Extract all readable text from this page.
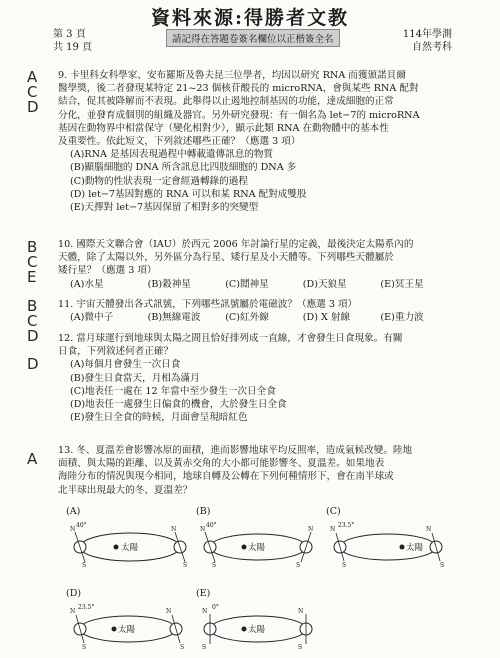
資料來源:得勝者文教
第 3 頁
共 19 頁
請記得在答題卷簽名欄位以正楷簽全名	114年學測
自然考科
A
C
D
B
C
E
B
C
D
D
A

9. 卡里科女科學家、安布羅斯及魯夫昆三位學者，均因以研究 RNA 而獲頒諾貝爾

醫學獎，後二者發現某特定 21~23 個核苷酸長的 microRNA，會與某些 RNA 配對

結合，促其被降解而不表現。此舉得以止遏地控制基因的功能，達成細胞的正常

分化，並發育成個別的組織及器官。另外研究發現：有一個名為 let−7的 microRNA

基因在動物界中相當保守（變化相對少），顯示此類 RNA 在動物體中的基本性

及重要性。依此短文，下列敘述哪些正確？（應選 3 項）

(A)RNA 是基因表現過程中轉載遺傳訊息的物質

(B)顯腦細胞的 DNA 所含訊息比四肢細胞的 DNA 多

(C)動物的性狀表現一定會經過轉錄的過程

(D) let−7基因對應的 RNA 可以和某 RNA 配對成雙股

(E)天擇對 let−7基因保留了相對多的突變型

10. 國際天文聯合會（IAU）於西元 2006 年討論行星的定義，最後決定太陽系內的

天體，除了太陽以外，另外區分為行星、矮行星及小天體等。下列哪些天體屬於

矮行星？（應選 3 項）

(A)水星	(B)穀神星	(C)鬩神星	(D)天狼星	(E)冥王星

11. 宇宙天體發出各式訊號，下列哪些訊號屬於電磁波？（應選 3 項）

(A)微中子	(B)無線電波	(C)紅外線	(D) X 射線	(E)重力波

12. 當月球運行到地球與太陽之間且恰好排列成一直線，才會發生日食現象。有關

日食，下列敘述何者正確？

(A)每個月會發生一次日食

(B)發生日食當天，月相為滿月

(C)地表任一處在 12 年當中至少發生一次日全食

(D)地表任一處發生日偏食的機會，大於發生日全食

(E)發生日全食的時候，月面會呈現暗紅色

13. 冬、夏溫差會影響冰原的面積，進而影響地球平均反照率，造成氣候改變。陸地

面積、與太陽的距離、以及黃赤交角的大小都可能影響冬、夏溫差。如果地表

海陸分布的情況與現今相同，地球自轉及公轉在下列何種情形下，會在南半球或

北半球出現最大的冬、夏溫差？

(A)
40°
N
S
N
S
太陽
(B)
40°
N
S
N
S
太陽
(C)
23.5°
N
S
N
S
太陽
(D)
23.5°
N
S
N
S
太陽
(E)
0°
N
S
N
S
太陽
